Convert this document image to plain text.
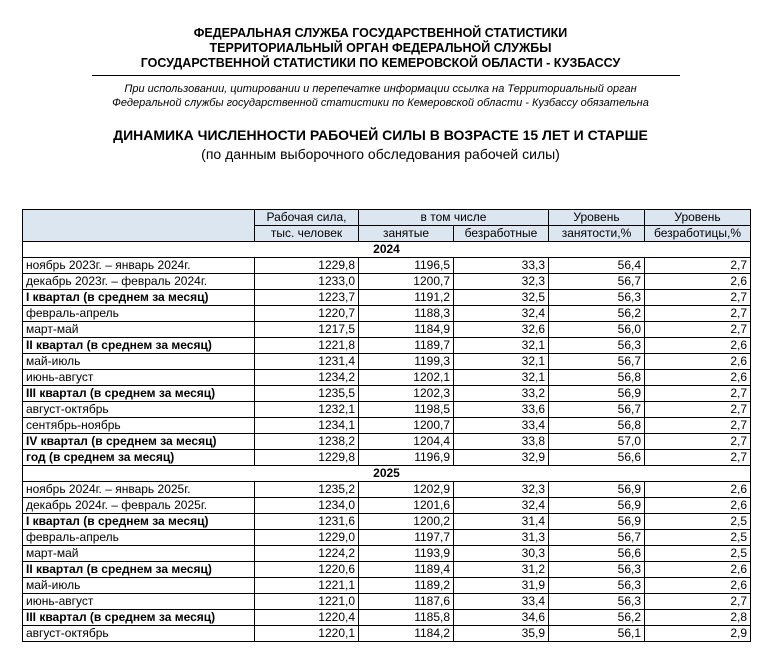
ФЕДЕРАЛЬНАЯ СЛУЖБА ГОСУДАРСТВЕННОЙ СТАТИСТИКИ
ТЕРРИТОРИАЛЬНЫЙ ОРГАН ФЕДЕРАЛЬНОЙ СЛУЖБЫ
ГОСУДАРСТВЕННОЙ СТАТИСТИКИ ПО КЕМЕРОВСКОЙ ОБЛАСТИ - КУЗБАССУ
При использовании, цитировании и перепечатке информации ссылка на Территориальный орган
Федеральной службы государственной статистики по Кемеровской области - Кузбассу обязательна
ДИНАМИКА ЧИСЛЕННОСТИ РАБОЧЕЙ СИЛЫ В ВОЗРАСТЕ 15 ЛЕТ И СТАРШЕ
(по данным выборочного обследования рабочей силы)
	Рабочая сила,	в том числе		Уровень	Уровень
	тыс. человек	занятые	безработные	занятости,%	безработицы,%
2024					
ноябрь 2023г. – январь 2024г.	1229,8	1196,5	33,3	56,4	2,7
декабрь 2023г. – февраль 2024г.	1233,0	1200,7	32,3	56,7	2,6
I квартал (в среднем за месяц)	1223,7	1191,2	32,5	56,3	2,7
февраль-апрель	1220,7	1188,3	32,4	56,2	2,7
март-май	1217,5	1184,9	32,6	56,0	2,7
II квартал (в среднем за месяц)	1221,8	1189,7	32,1	56,3	2,6
май-июль	1231,4	1199,3	32,1	56,7	2,6
июнь-август	1234,2	1202,1	32,1	56,8	2,6
III квартал (в среднем за месяц)	1235,5	1202,3	33,2	56,9	2,7
август-октябрь	1232,1	1198,5	33,6	56,7	2,7
сентябрь-ноябрь	1234,1	1200,7	33,4	56,8	2,7
IV квартал (в среднем за месяц)	1238,2	1204,4	33,8	57,0	2,7
год (в среднем за месяц)	1229,8	1196,9	32,9	56,6	2,7
2025					
ноябрь 2024г. – январь 2025г.	1235,2	1202,9	32,3	56,9	2,6
декабрь 2024г. – февраль 2025г.	1234,0	1201,6	32,4	56,9	2,6
I квартал (в среднем за месяц)	1231,6	1200,2	31,4	56,9	2,5
февраль-апрель	1229,0	1197,7	31,3	56,7	2,5
март-май	1224,2	1193,9	30,3	56,6	2,5
II квартал (в среднем за месяц)	1220,6	1189,4	31,2	56,3	2,6
май-июль	1221,1	1189,2	31,9	56,3	2,6
июнь-август	1221,0	1187,6	33,4	56,3	2,7
III квартал (в среднем за месяц)	1220,4	1185,8	34,6	56,2	2,8
август-октябрь	1220,1	1184,2	35,9	56,1	2,9
